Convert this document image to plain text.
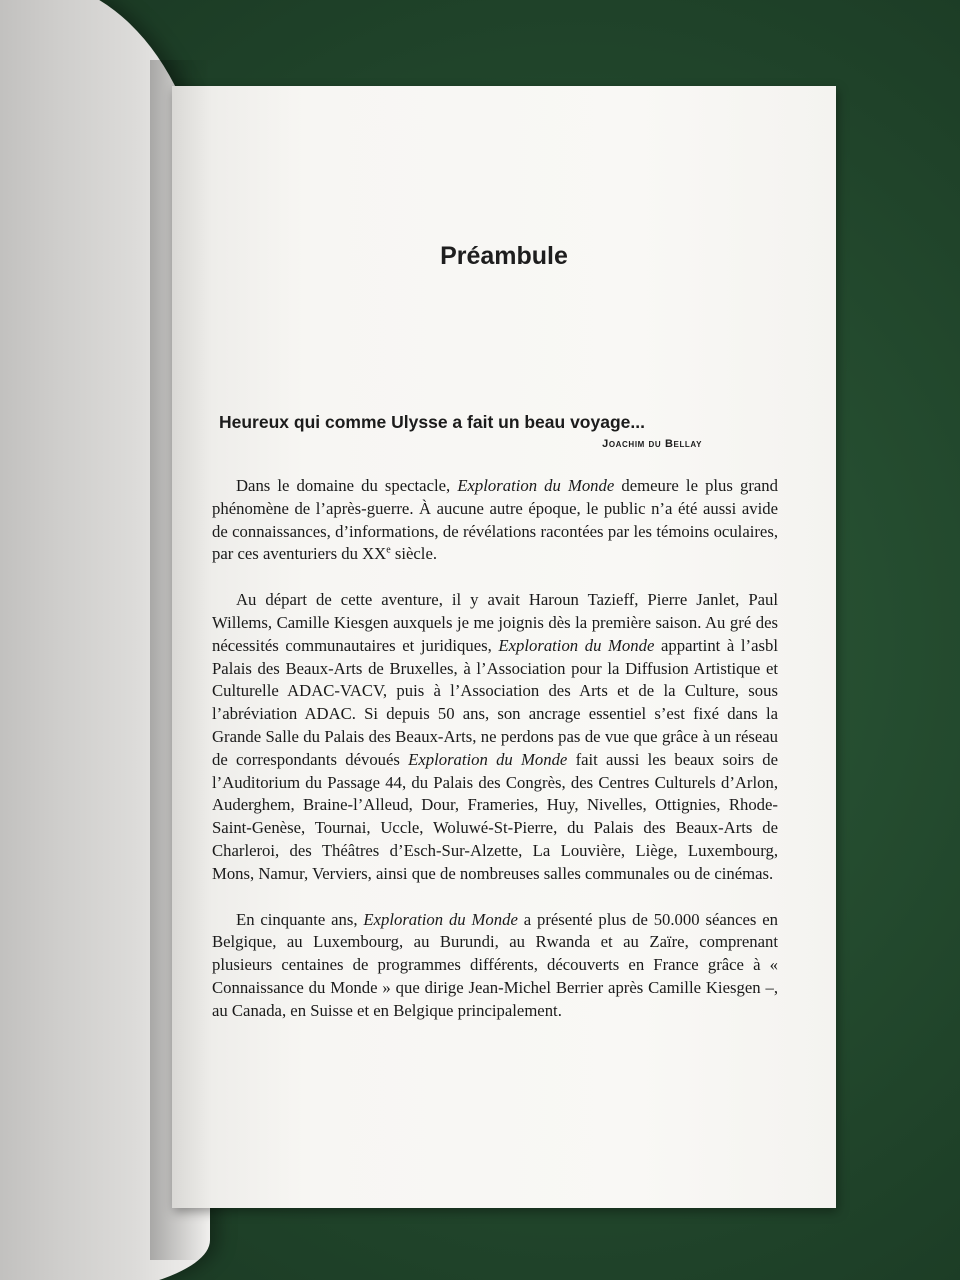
Préambule
Heureux qui comme Ulysse a fait un beau voyage...
Joachim du Bellay

Dans le domaine du spectacle, Exploration du Monde demeure le plus grand phénomène de l’après-guerre. À aucune autre époque, le public n’a été aussi avide de connaissances, d’informations, de révélations racontées par les témoins oculaires, par ces aventuriers du XXe siècle.

Au départ de cette aventure, il y avait Haroun Tazieff, Pierre Janlet, Paul Willems, Camille Kiesgen auxquels je me joignis dès la première saison. Au gré des nécessités communautaires et juridiques, Exploration du Monde appartint à l’asbl Palais des Beaux-Arts de Bruxelles, à l’Association pour la Diffusion Artistique et Culturelle ADAC-VACV, puis à l’Association des Arts et de la Culture, sous l’abréviation ADAC. Si depuis 50 ans, son ancrage essentiel s’est fixé dans la Grande Salle du Palais des Beaux-Arts, ne perdons pas de vue que grâce à un réseau de correspondants dévoués Exploration du Monde fait aussi les beaux soirs de l’Auditorium du Passage 44, du Palais des Congrès, des Centres Culturels d’Arlon, Auderghem, Braine-l’Alleud, Dour, Frameries, Huy, Nivelles, Ottignies, Rhode-Saint-Genèse, Tournai, Uccle, Woluwé-St-Pierre, du Palais des Beaux-Arts de Charleroi, des Théâtres d’Esch-Sur-Alzette, La Louvière, Liège, Luxembourg, Mons, Namur, Verviers, ainsi que de nombreuses salles communales ou de cinémas.

En cinquante ans, Exploration du Monde a présenté plus de 50.000 séances en Belgique, au Luxembourg, au Burundi, au Rwanda et au Zaïre, comprenant plusieurs centaines de programmes différents, découverts en France grâce à « Connaissance du Monde » que dirige Jean-Michel Berrier après Camille Kiesgen –, au Canada, en Suisse et en Belgique principalement.
